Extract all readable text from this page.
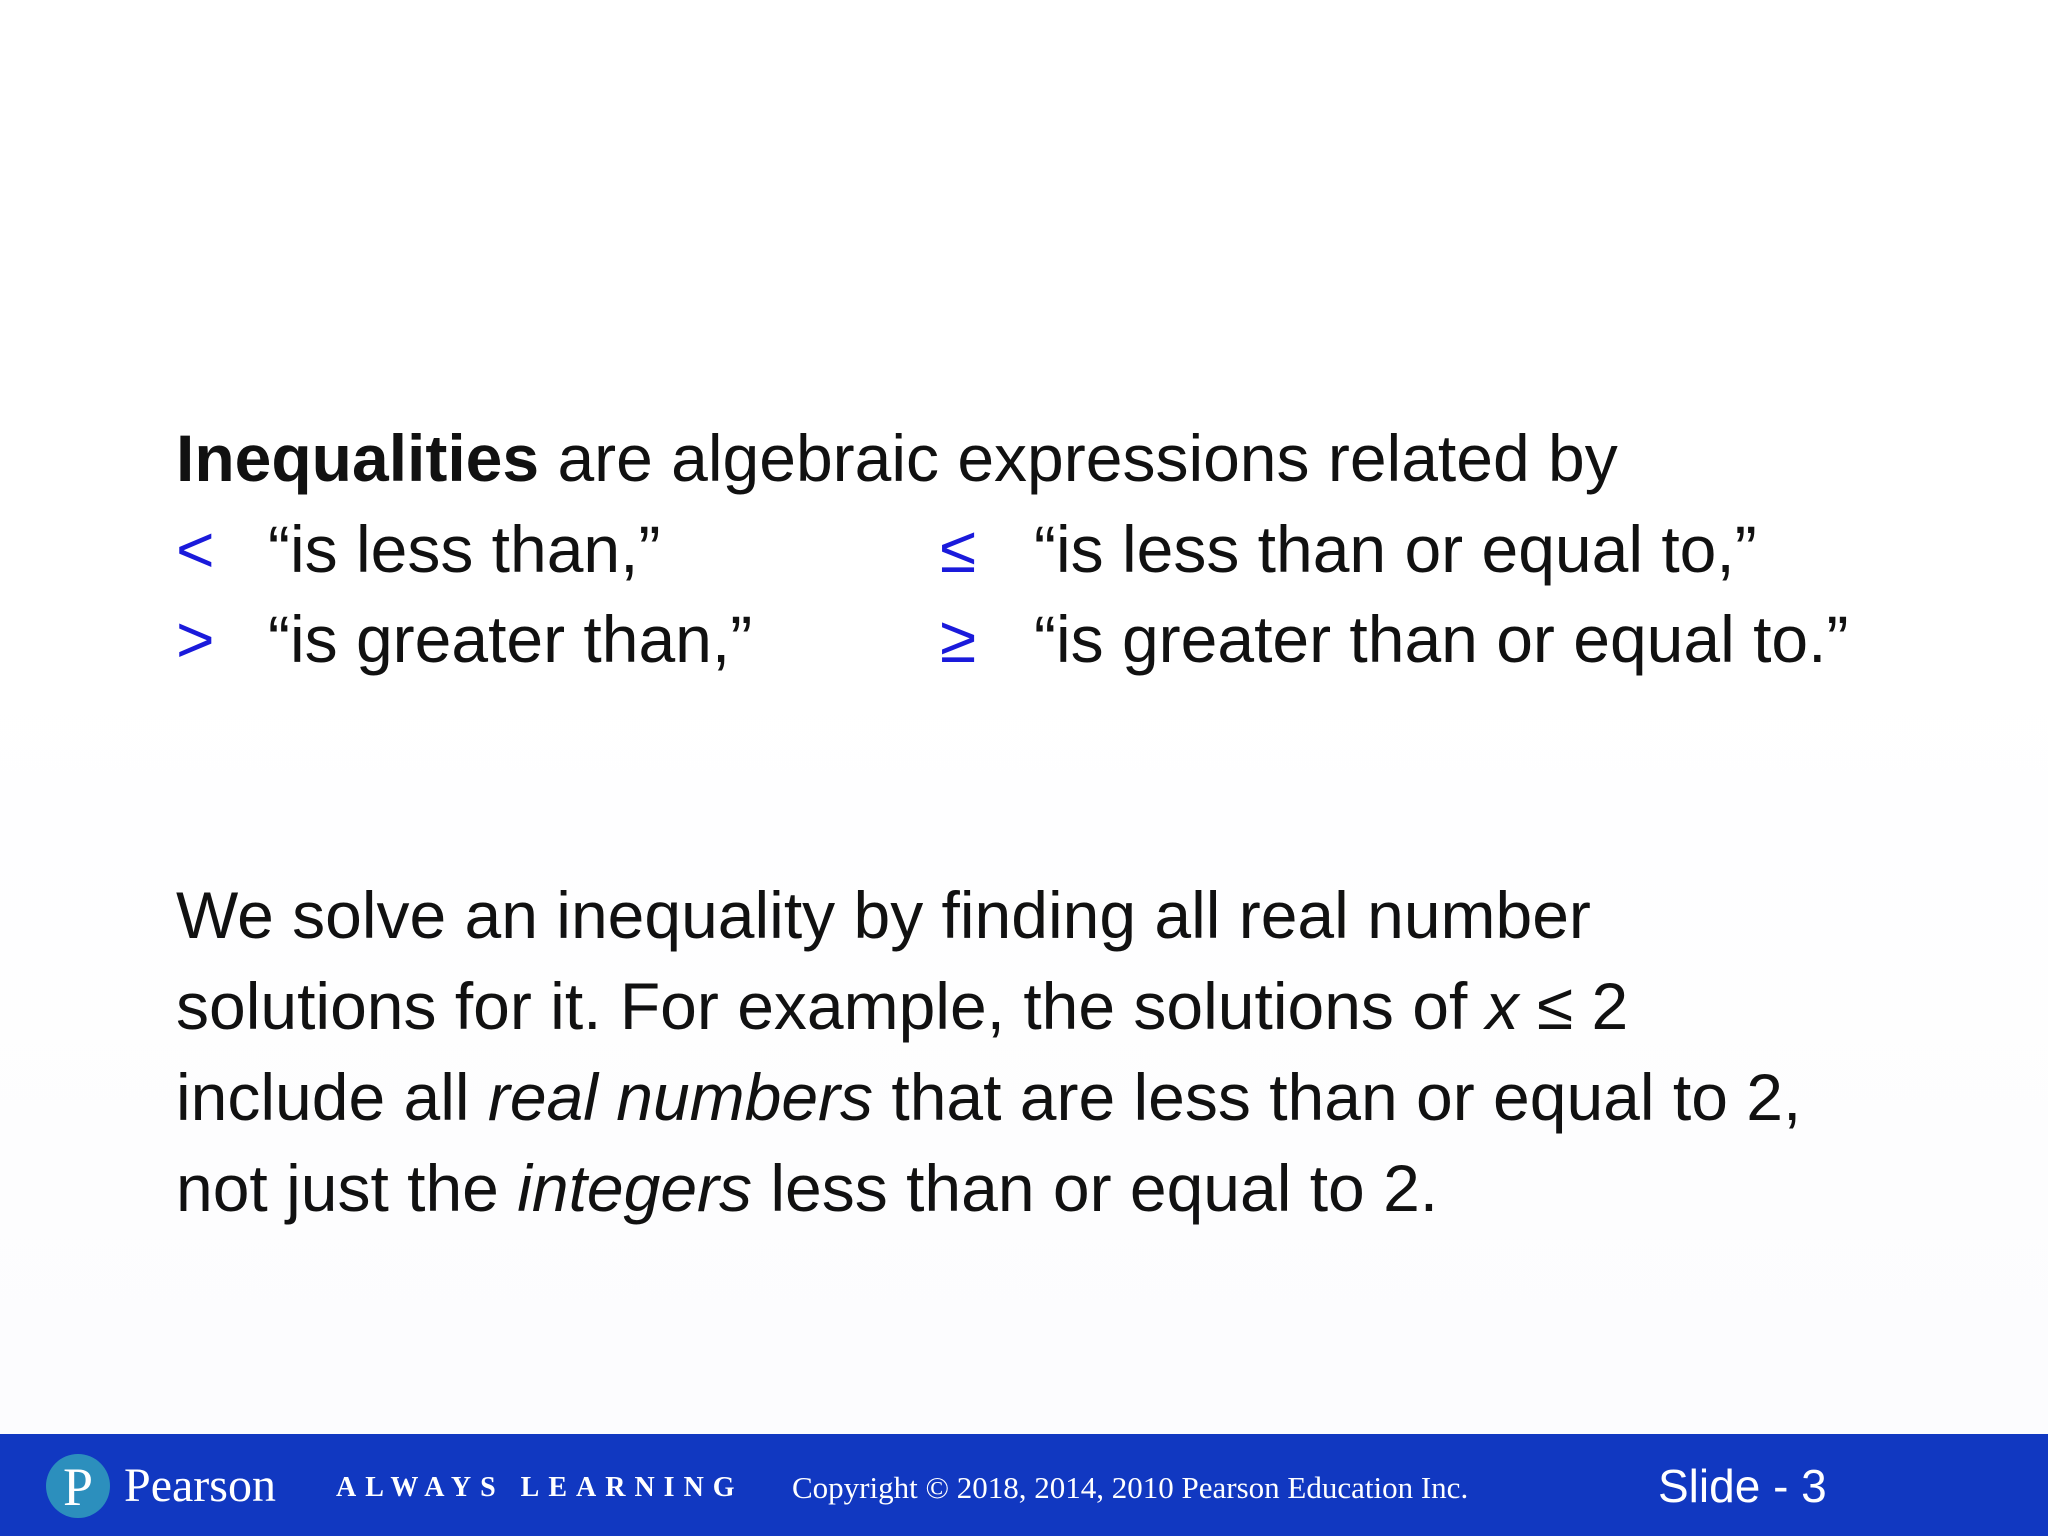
Inequalities are algebraic expressions related by
< “is less than,”	≤ “is less than or equal to,”
> “is greater than,”	≥ “is greater than or equal to.”
We solve an inequality by finding all real number
solutions for it. For example, the solutions of x ≤ 2
include all real numbers that are less than or equal to 2,
not just the integers less than or equal to 2.
P Pearson ALWAYS LEARNING Copyright © 2018, 2014, 2010 Pearson Education Inc.	Slide - 3
